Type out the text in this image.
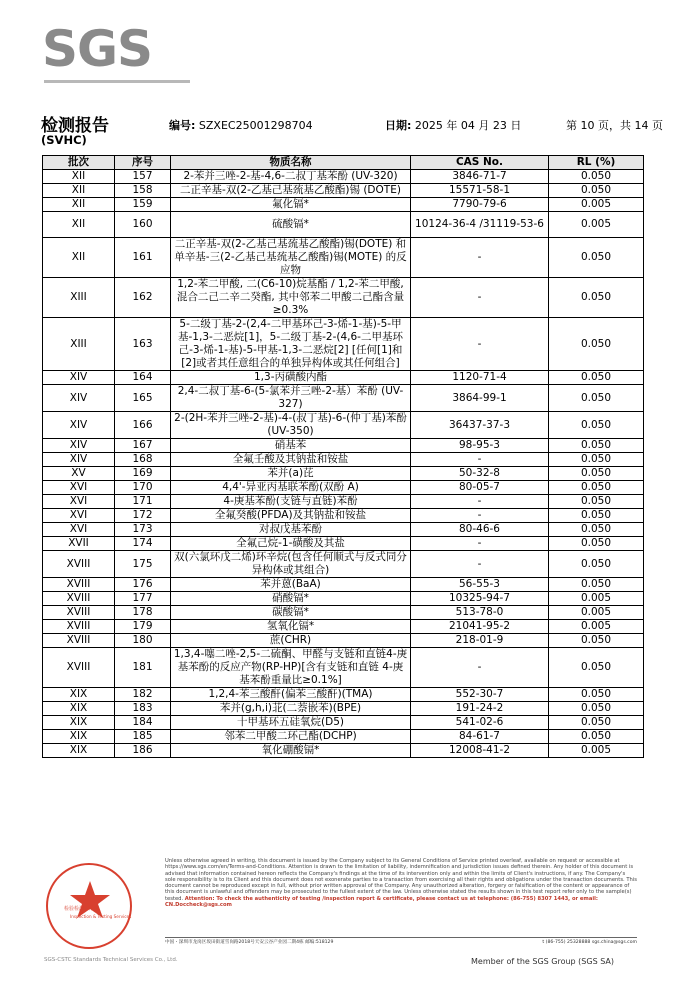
SGS
检测报告
(SVHC)
编号: SZXEC25001298704	日期: 2025 年 04 月 23 日	第 10 页，共 14 页
批次	序号	物质名称	CAS No.	RL (%)
XII	157	2-苯并三唑-2-基-4,6-二叔丁基苯酚 (UV-320)	3846-71-7	0.050
XII	158	二正辛基-双(2-乙基己基巯基乙酸酯)锡 (DOTE)	15571-58-1	0.050
XII	159	氟化镉*	7790-79-6	0.005
XII	160	硫酸镉*	10124-36-4 /31119-53-6	0.005
XII	161	二正辛基-双(2-乙基己基巯基乙酸酯)锡(DOTE) 和单辛基-三(2-乙基己基巯基乙酸酯)锡(MOTE) 的反应物	-	0.050
XIII	162	1,2-苯二甲酸, 二(C6-10)烷基酯 / 1,2-苯二甲酸, 混合二己二辛二癸酯, 其中邻苯二甲酸二己酯含量≥0.3%	-	0.050
XIII	163	5-二级丁基-2-(2,4-二甲基环己-3-烯-1-基)-5-甲基-1,3-二恶烷[1]，5-二级丁基-2-(4,6-二甲基环己-3-烯-1-基)-5-甲基-1,3-二恶烷[2] [任何[1]和[2]或者其任意组合的单独异构体或其任何组合]	-	0.050
XIV	164	1,3-丙磺酸内酯	1120-71-4	0.050
XIV	165	2,4-二叔丁基-6-(5-氯苯并三唑-2-基）苯酚 (UV-327)	3864-99-1	0.050
XIV	166	2-(2H-苯并三唑-2-基)-4-(叔丁基)-6-(仲丁基)苯酚 (UV-350)	36437-37-3	0.050
XIV	167	硝基苯	98-95-3	0.050
XIV	168	全氟壬酸及其钠盐和铵盐	-	0.050
XV	169	苯并(a)芘	50-32-8	0.050
XVI	170	4,4'-异亚丙基联苯酚(双酚 A)	80-05-7	0.050
XVI	171	4-庚基苯酚(支链与直链)苯酚	-	0.050
XVI	172	全氟癸酸(PFDA)及其钠盐和铵盐	-	0.050
XVI	173	对叔戊基苯酚	80-46-6	0.050
XVII	174	全氟己烷-1-磺酸及其盐	-	0.050
XVIII	175	双(六氯环戊二烯)环辛烷(包含任何顺式与反式同分异构体或其组合)	-	0.050
XVIII	176	苯并蒽(BaA)	56-55-3	0.050
XVIII	177	硝酸镉*	10325-94-7	0.005
XVIII	178	碳酸镉*	513-78-0	0.005
XVIII	179	氢氧化镉*	21041-95-2	0.005
XVIII	180	蔗(CHR)	218-01-9	0.050
XVIII	181	1,3,4-噻二唑-2,5-二硫酮、甲醛与支链和直链4-庚基苯酚的反应产物(RP-HP)[含有支链和直链 4-庚基苯酚重量比≥0.1%]	-	0.050
XIX	182	1,2,4-苯三酸酐(偏苯三酸酐)(TMA)	552-30-7	0.050
XIX	183	苯并(g,h,i)苝(二萘嵌苯)(BPE)	191-24-2	0.050
XIX	184	十甲基环五硅氧烷(D5)	541-02-6	0.050
XIX	185	邻苯二甲酸二环己酯(DCHP)	84-61-7	0.050
XIX	186	氧化硼酸镉*	12008-41-2	0.005
检验检测专用章
Inspection & Testing Services
SGS-CSTC Standards Technical Services Co., Ltd.
Unless otherwise agreed in writing, this document is issued by the Company subject to its General Conditions of Service printed overleaf, available on request or accessible at https://www.sgs.com/en/Terms-and-Conditions. Attention is drawn to the limitation of liability, indemnification and jurisdiction issues defined therein. Any holder of this document is advised that information contained hereon reflects the Company's findings at the time of its intervention only and within the limits of Client's instructions, if any. The Company's sole responsibility is to its Client and this document does not exonerate parties to a transaction from exercising all their rights and obligations under the transaction documents. This document cannot be reproduced except in full, without prior written approval of the Company. Any unauthorized alteration, forgery or falsification of the content or appearance of this document is unlawful and offenders may be prosecuted to the fullest extent of the law. Unless otherwise stated the results shown in this test report refer only to the sample(s) tested. Attention: To check the authenticity of testing /inspection report & certificate, please contact us at telephone: (86-755) 8307 1443, or email: CN.Doccheck@sgs.com
中国・深圳市龙岗区坂田街道雪岗路2018号天安云谷产业园二期4栋 邮编:518129	t (86-755) 25328888 sgs.china@sgs.com
Member of the SGS Group (SGS SA)
